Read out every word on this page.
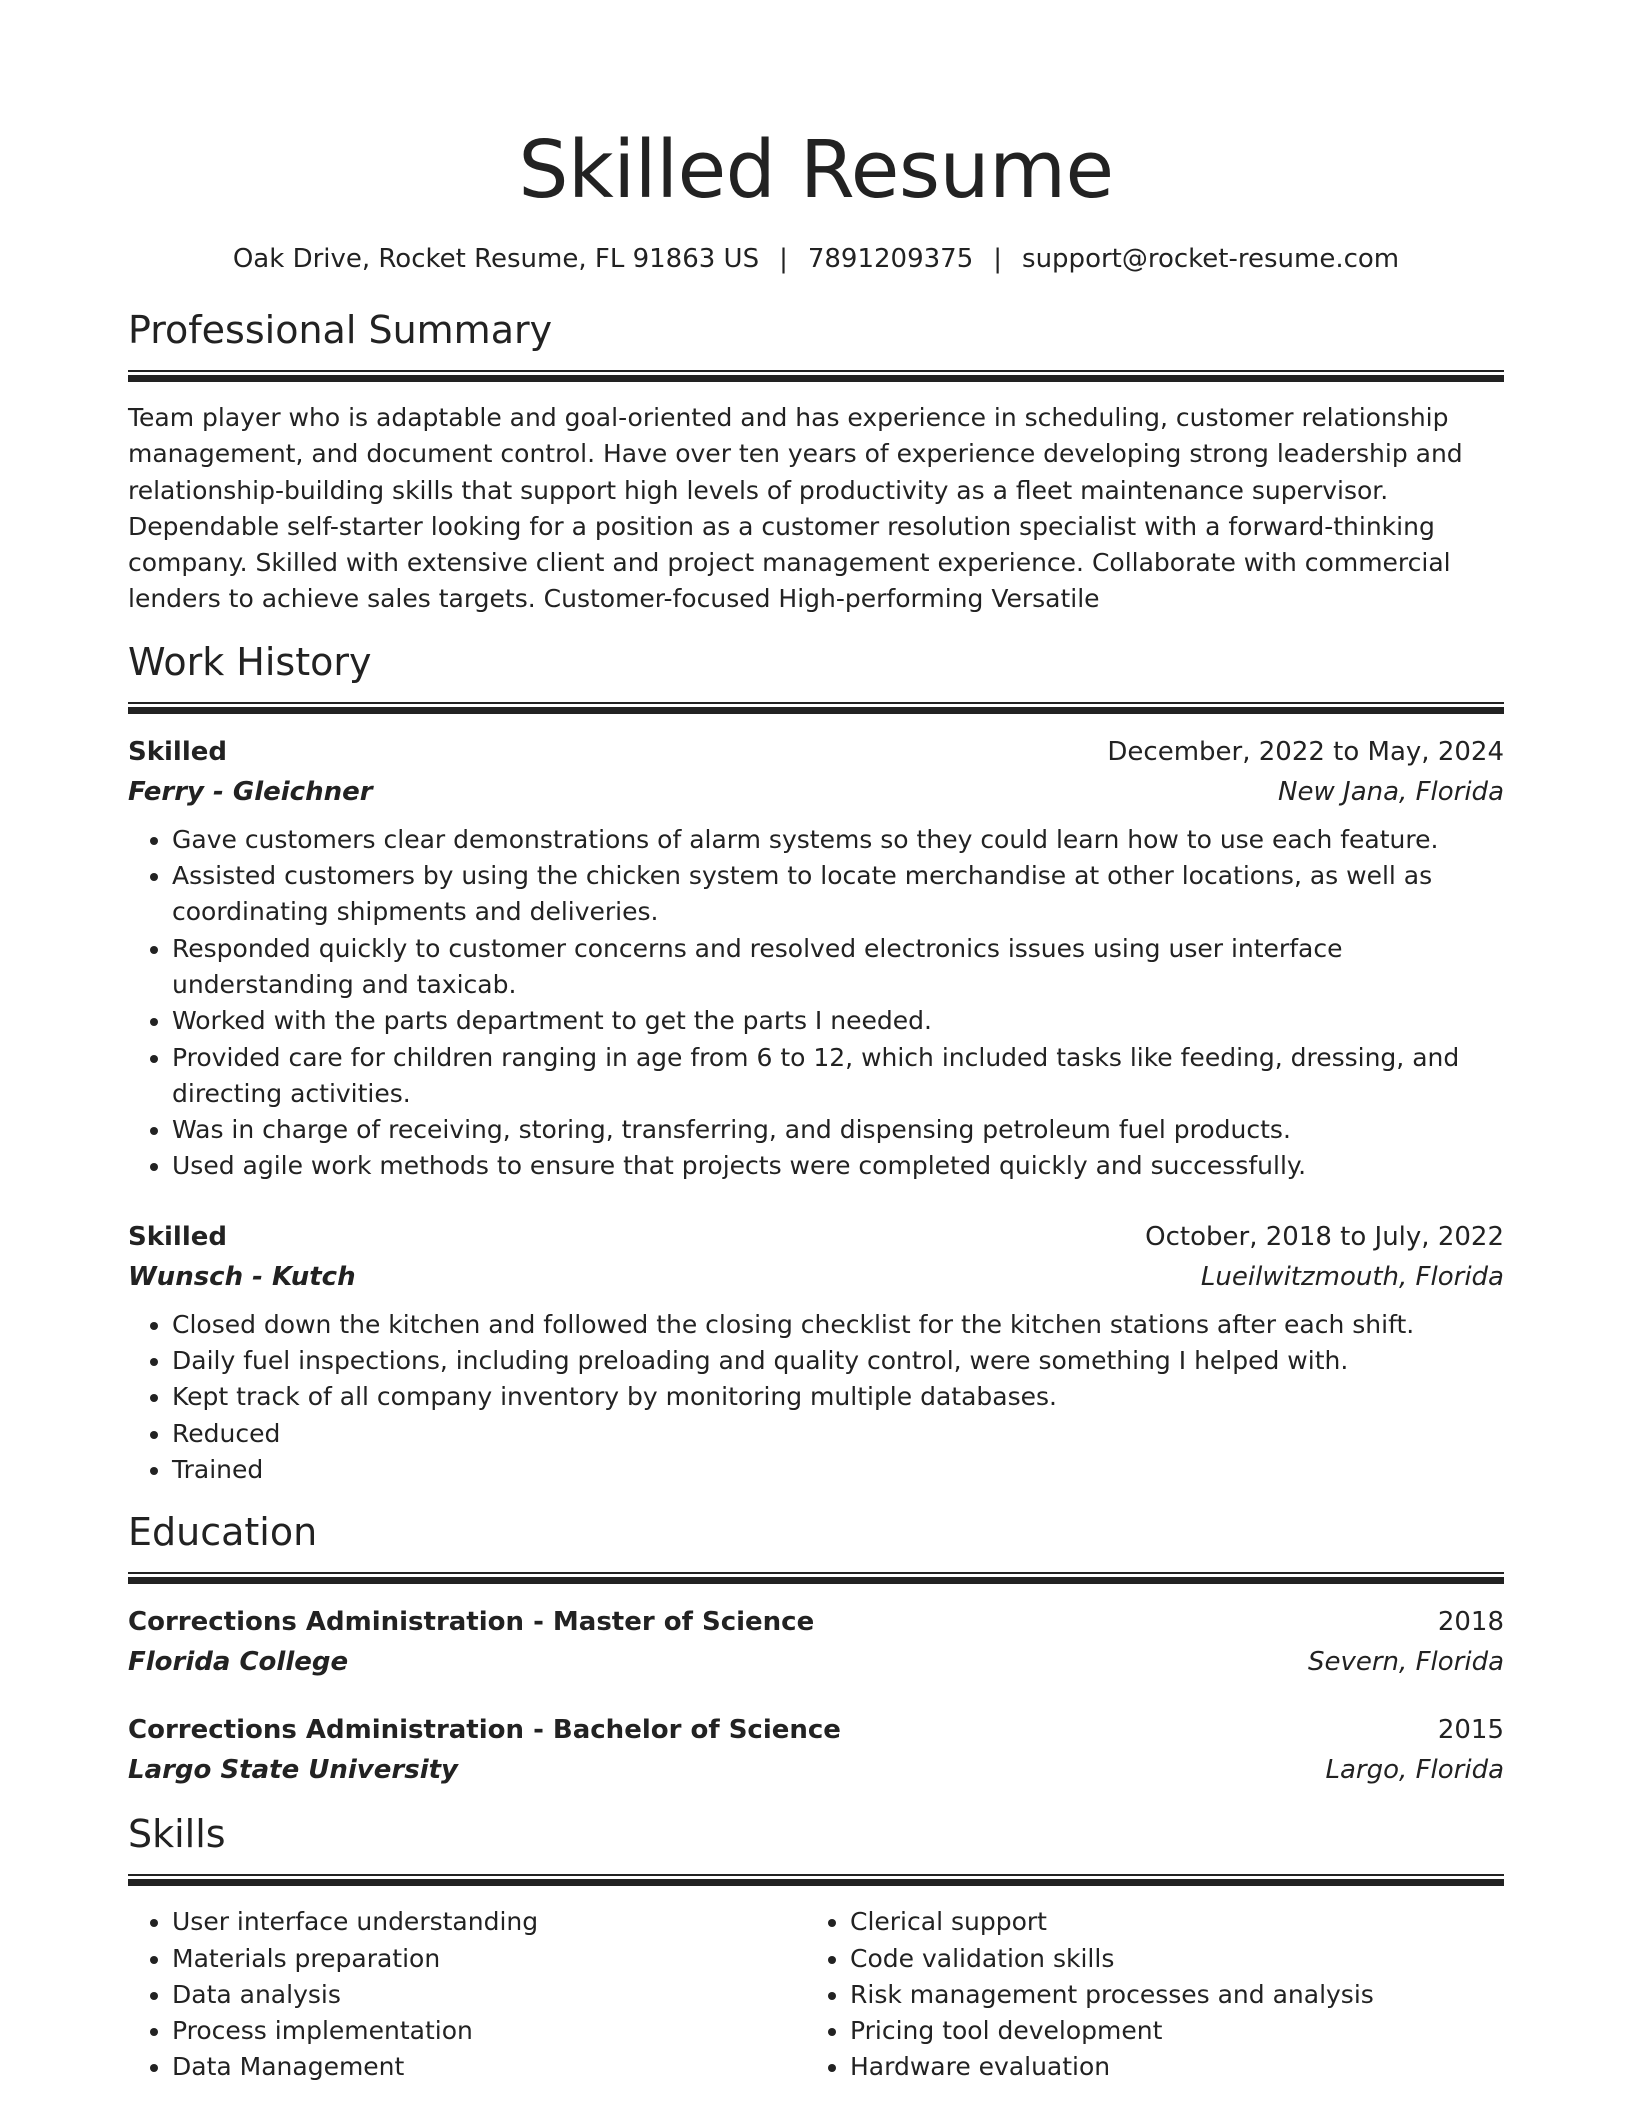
Skilled Resume
Oak Drive, Rocket Resume, FL 91863 US | 7891209375 | support@rocket-resume.com
Professional Summary

Team player who is adaptable and goal-oriented and has experience in scheduling, customer relationship management, and document control. Have over ten years of experience developing strong leadership and relationship-building skills that support high levels of productivity as a fleet maintenance supervisor. Dependable self-starter looking for a position as a customer resolution specialist with a forward-thinking company. Skilled with extensive client and project management experience. Collaborate with commercial lenders to achieve sales targets. Customer-focused High-performing Versatile

Work History
Skilled	December, 2022 to May, 2024
Ferry - Gleichner	New Jana, Florida
• Gave customers clear demonstrations of alarm systems so they could learn how to use each feature.
• Assisted customers by using the chicken system to locate merchandise at other locations, as well as coordinating shipments and deliveries.
• Responded quickly to customer concerns and resolved electronics issues using user interface understanding and taxicab.
• Worked with the parts department to get the parts I needed.
• Provided care for children ranging in age from 6 to 12, which included tasks like feeding, dressing, and directing activities.
• Was in charge of receiving, storing, transferring, and dispensing petroleum fuel products.
• Used agile work methods to ensure that projects were completed quickly and successfully.
Skilled	October, 2018 to July, 2022
Wunsch - Kutch	Lueilwitzmouth, Florida
• Closed down the kitchen and followed the closing checklist for the kitchen stations after each shift.
• Daily fuel inspections, including preloading and quality control, were something I helped with.
• Kept track of all company inventory by monitoring multiple databases.
• Reduced
• Trained
Education
Corrections Administration - Master of Science	2018
Florida College	Severn, Florida
Corrections Administration - Bachelor of Science	2015
Largo State University	Largo, Florida
Skills
• User interface understanding
• Materials preparation
• Data analysis
• Process implementation
• Data Management
• Clerical support
• Code validation skills
• Risk management processes and analysis
• Pricing tool development
• Hardware evaluation
